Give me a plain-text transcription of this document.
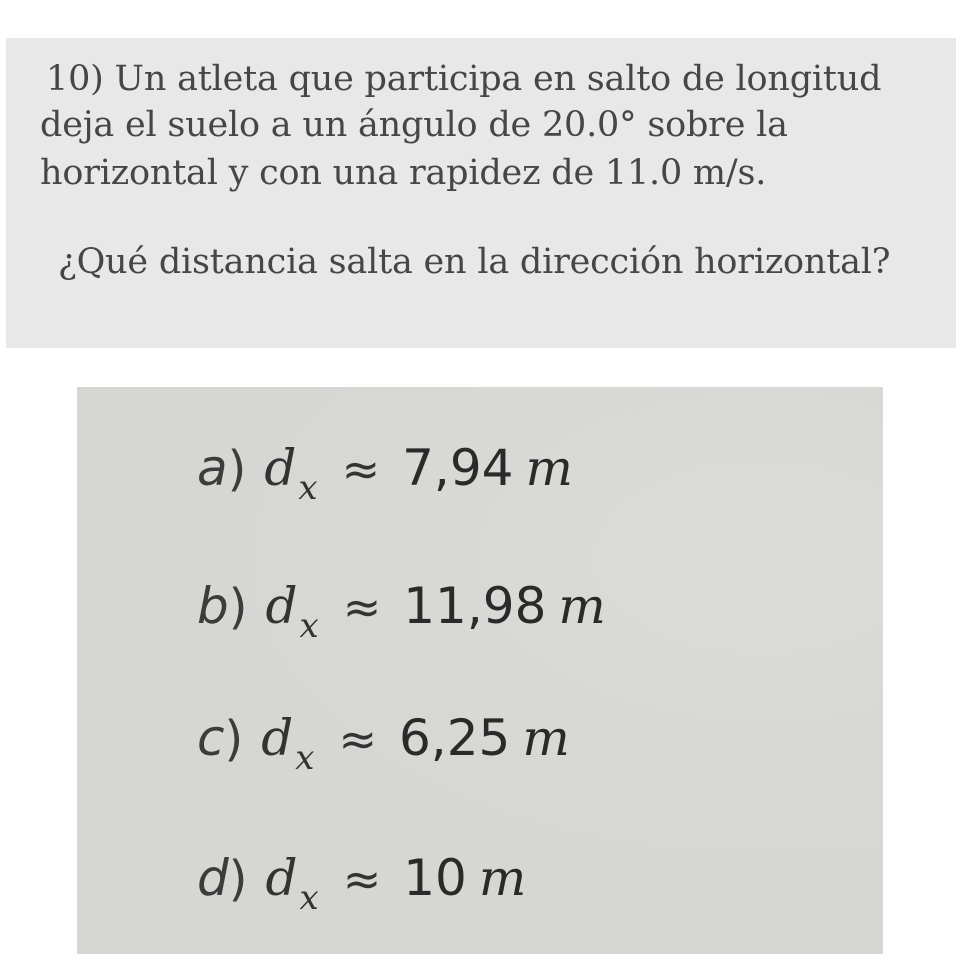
10) Un atleta que participa en salto de longitud
deja el suelo a un ángulo de 20.0° sobre la
horizontal y con una rapidez de 11.0 m/s.
¿Qué distancia salta en la dirección horizontal?
a ) d x ≈ 7,94 m
b ) d x ≈ 11,98 m
c ) d x ≈ 6,25 m
d ) d x ≈ 10 m
